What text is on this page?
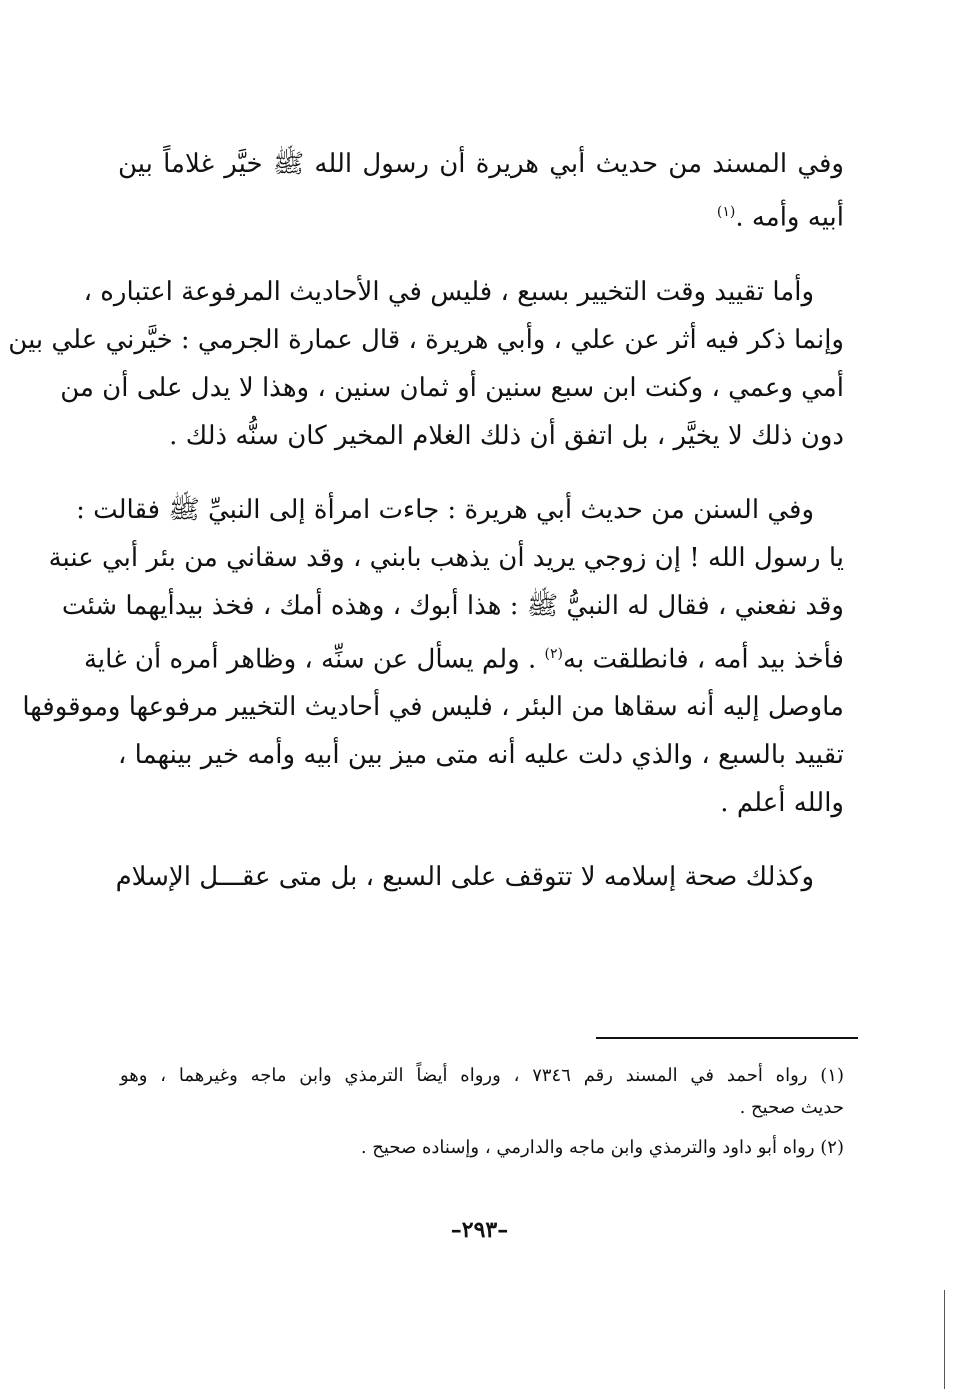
وفي المسند من حديث أبي هريرة أن رسول الله ﷺ خيَّر غلاماً بين
أبيه وأمه .$^{(١)}$

وأما تقييد وقت التخيير بسبع ، فليس في الأحاديث المرفوعة اعتباره ،
وإنما ذكر فيه أثر عن علي ، وأبي هريرة ، قال عمارة الجرمي : خيَّرني علي بين
أمي وعمي ، وكنت ابن سبع سنين أو ثمان سنين ، وهذا لا يدل على أن من
دون ذلك لا يخيَّر ، بل اتفق أن ذلك الغلام المخير كان سنُّه ذلك .

وفي السنن من حديث أبي هريرة : جاءت امرأة إلى النبيِّ ﷺ فقالت :
يا رسول الله ! إن زوجي يريد أن يذهب بابني ، وقد سقاني من بئر أبي عنبة
وقد نفعني ، فقال له النبيُّ ﷺ : هذا أبوك ، وهذه أمك ، فخذ بيدأيهما شئت
فأخذ بيد أمه ، فانطلقت به$^{(٢)}$ . ولم يسأل عن سنِّه ، وظاهر أمره أن غاية
ماوصل إليه أنه سقاها من البئر ، فليس في أحاديث التخيير مرفوعها وموقوفها
تقييد بالسبع ، والذي دلت عليه أنه متى ميز بين أبيه وأمه خير بينهما ،
والله أعلم .

وكذلك صحة إسلامه لا تتوقف على السبع ، بل متى عقـــل الإسلام

(١) رواه أحمد في المسند رقم ٧٣٤٦ ، ورواه أيضاً الترمذي وابن ماجه وغيرهما ، وهو
حديث صحيح .

(٢) رواه أبو داود والترمذي وابن ماجه والدارمي ، وإسناده صحيح .

–٢٩٣–
